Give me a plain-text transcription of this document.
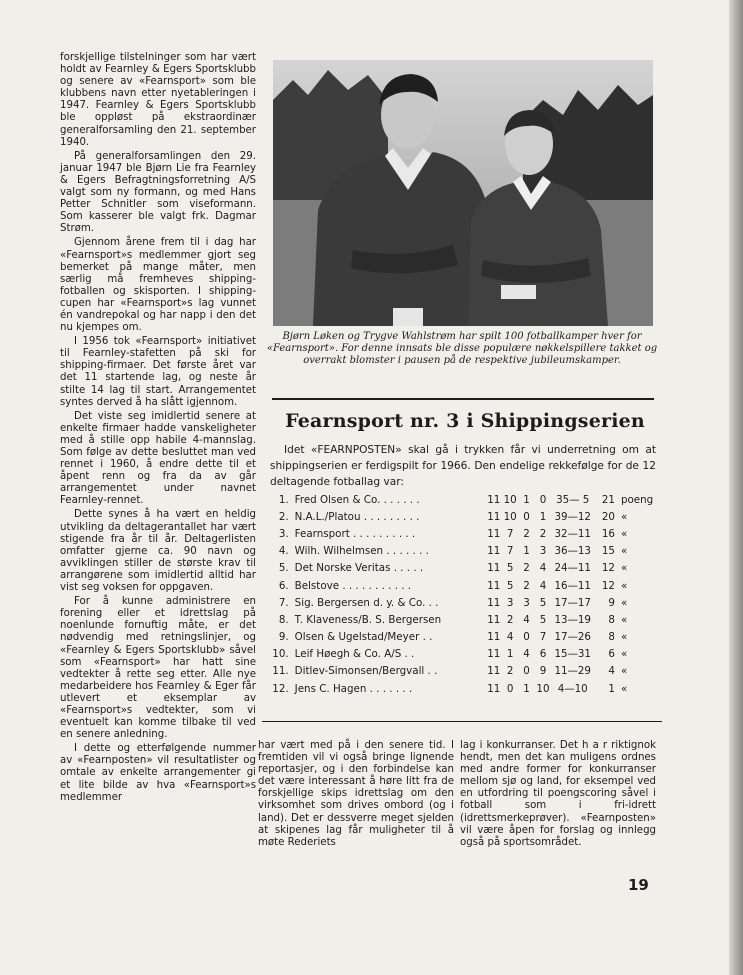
forskjellige tilstelninger som har vært holdt av Fearnley & Egers Sportsklubb og senere av «Fearnsport» som ble klubbens navn etter nyetableringen i 1947. Fearnley & Egers Sportsklubb ble oppløst på ekstraordinær generalforsamling den 21. september 1940.

På generalforsamlingen den 29. januar 1947 ble Bjørn Lie fra Fearnley & Egers Befragtningsforretning A/S valgt som ny formann, og med Hans Petter Schnitler som viseformann. Som kasserer ble valgt frk. Dagmar Strøm.

Gjennom årene frem til i dag har «Fearnsport»s medlemmer gjort seg bemerket på mange måter, men særlig må fremheves shipping-fotballen og skisporten. I shipping-cupen har «Fearnsport»s lag vunnet én vandrepokal og har napp i den det nu kjempes om.

I 1956 tok «Fearnsport» initiativet til Fearnley-stafetten på ski for shipping-firmaer. Det første året var det 11 startende lag, og neste år stilte 14 lag til start. Arrangementet syntes derved å ha slått igjennom.

Det viste seg imidlertid senere at enkelte firmaer hadde vanskeligheter med å stille opp habile 4-mannslag. Som følge av dette besluttet man ved rennet i 1960, å endre dette til et åpent renn og fra da av går arrangementet under navnet Fearnley-rennet.

Dette synes å ha vært en heldig utvikling da deltagerantallet har vært stigende fra år til år. Deltagerlisten omfatter gjerne ca. 90 navn og avviklingen stiller de største krav til arrangørene som imidlertid alltid har vist seg voksen for oppgaven.

For å kunne administrere en forening eller et idrettslag på noenlunde fornuftig måte, er det nødvendig med retningslinjer, og «Fearnley & Egers Sportsklubb» såvel som «Fearnsport» har hatt sine vedtekter å rette seg etter. Alle nye medarbeidere hos Fearnley & Eger får utlevert et eksemplar av «Fearnsport»s vedtekter, som vi eventuelt kan komme tilbake til ved en senere anledning.

I dette og etterfølgende nummer av «Fearnposten» vil resultatlister og omtale av enkelte arrangementer gi et lite bilde av hva «Fearnsport»s medlemmer

Bjørn Løken og Trygve Wahlstrøm har spilt 100 fotballkamper hver for «Fearnsport». For denne innsats ble disse populære nøkkelspillere takket og overrakt blomster i pausen på de respektive jubileumskamper.
Fearnsport nr. 3 i Shippingserien
Idet «FEARNPOSTEN» skal gå i trykken får vi underretning om at shippingserien er ferdigspilt for 1966. Den endelige rekkefølge for de 12 deltagende fotballag var:
1.	Fred Olsen & Co. . . . . . .	11	10	1	0	35— 5	21	poeng
2.	N.A.L./Platou . . . . . . . . .	11	10	0	1	39—12	20	«
3.	Fearnsport . . . . . . . . . .	11	7	2	2	32—11	16	«
4.	Wilh. Wilhelmsen . . . . . . .	11	7	1	3	36—13	15	«
5.	Det Norske Veritas . . . . .	11	5	2	4	24—11	12	«
6.	Belstove . . . . . . . . . . .	11	5	2	4	16—11	12	«
7.	Sig. Bergersen d. y. & Co. . .	11	3	3	5	17—17	9	«
8.	T. Klaveness/B. S. Bergersen	11	2	4	5	13—19	8	«
9.	Olsen & Ugelstad/Meyer . .	11	4	0	7	17—26	8	«
10.	Leif Høegh & Co. A/S . .	11	1	4	6	15—31	6	«
11.	Ditlev-Simonsen/Bergvall . .	11	2	0	9	11—29	4	«
12.	Jens C. Hagen . . . . . . .	11	0	1	10	4—10	1	«

har vært med på i den senere tid. I fremtiden vil vi også bringe lignende reportasjer, og i den forbindelse kan det være interessant å høre litt fra de forskjellige skips idrettslag om den virksomhet som drives ombord (og i land). Det er dessverre meget sjelden at skipenes lag får muligheter til å møte Rederiets

lag i konkurranser. Det h a r riktignok hendt, men det kan muligens ordnes med andre former for konkurranser mellom sjø og land, for eksempel ved en utfordring til poengscoring såvel i fotball som i fri-idrett (idrettsmerkeprøver). «Fearnposten» vil være åpen for forslag og innlegg også på sportsområdet.

19
